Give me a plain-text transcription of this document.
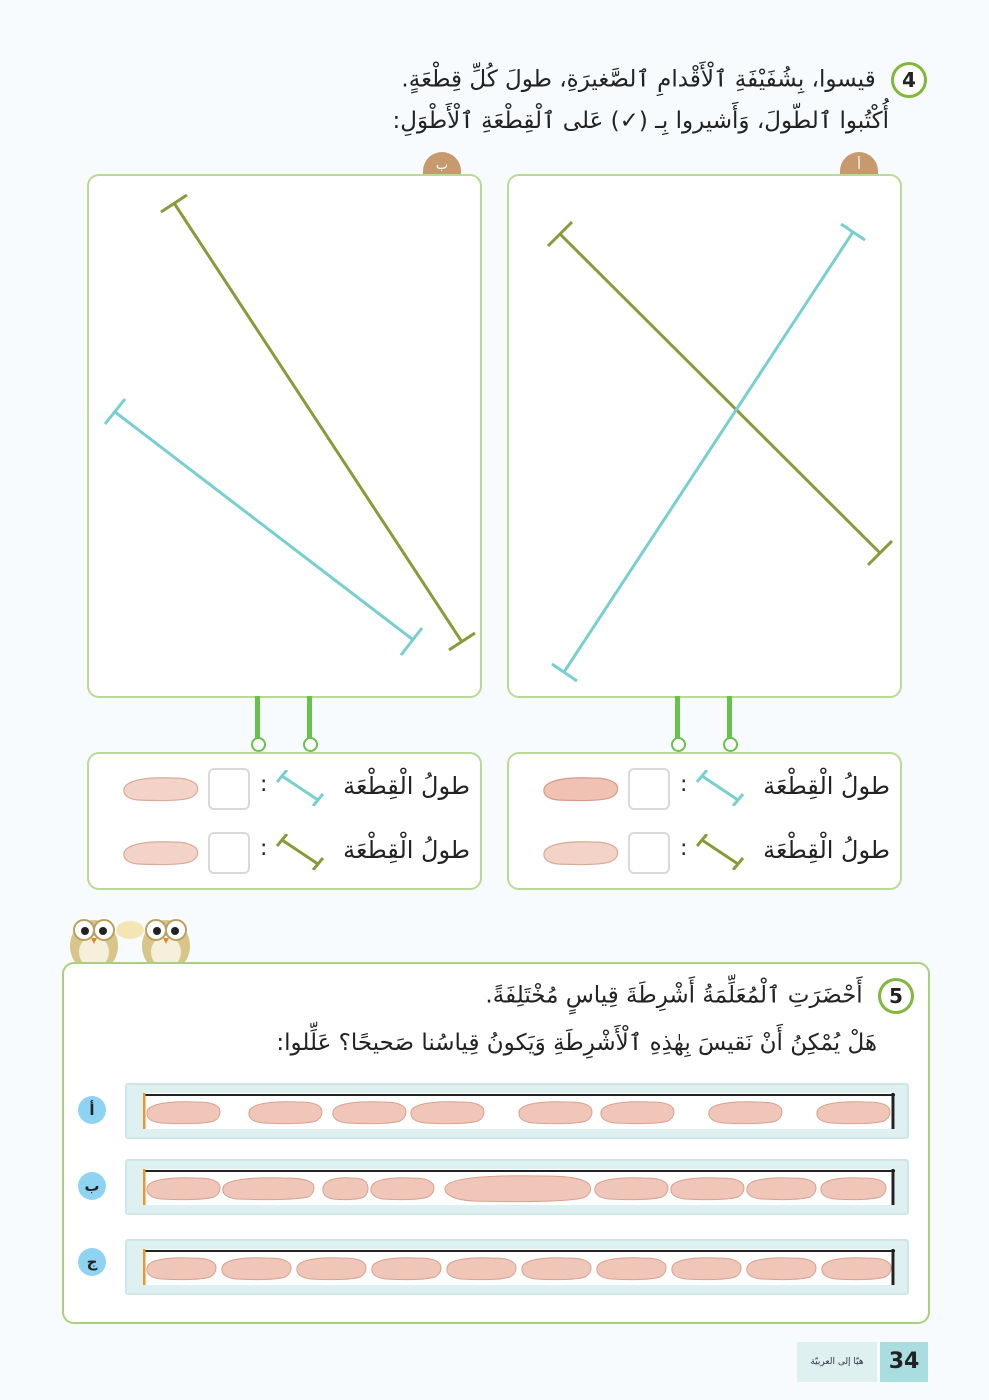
4 قيسوا، بِشُفَيْفَةِ ٱلْأَقْدامِ ٱلصَّغيرَةِ، طولَ كُلِّ قِطْعَةٍ.
أُكْتُبوا ٱلطّولَ، وَأَشيروا بِـ (✓) عَلى ٱلْقِطْعَةِ ٱلْأَطْوَلِ:
أ
ب
طولُ الْقِطْعَة
:
طولُ الْقِطْعَة
:
طولُ الْقِطْعَة
:
طولُ الْقِطْعَة
:
5 أَحْضَرَتِ ٱلْمُعَلِّمَةُ أَشْرِطَةَ قِياسٍ مُخْتَلِفَةً.
هَلْ يُمْكِنُ أَنْ نَقيسَ بِهٰذِهِ ٱلْأَشْرِطَةِ وَيَكونُ قِياسُنا صَحيحًا؟ عَلِّلوا:
أ
ب
ج
هيّا إلى العربيّة	34
